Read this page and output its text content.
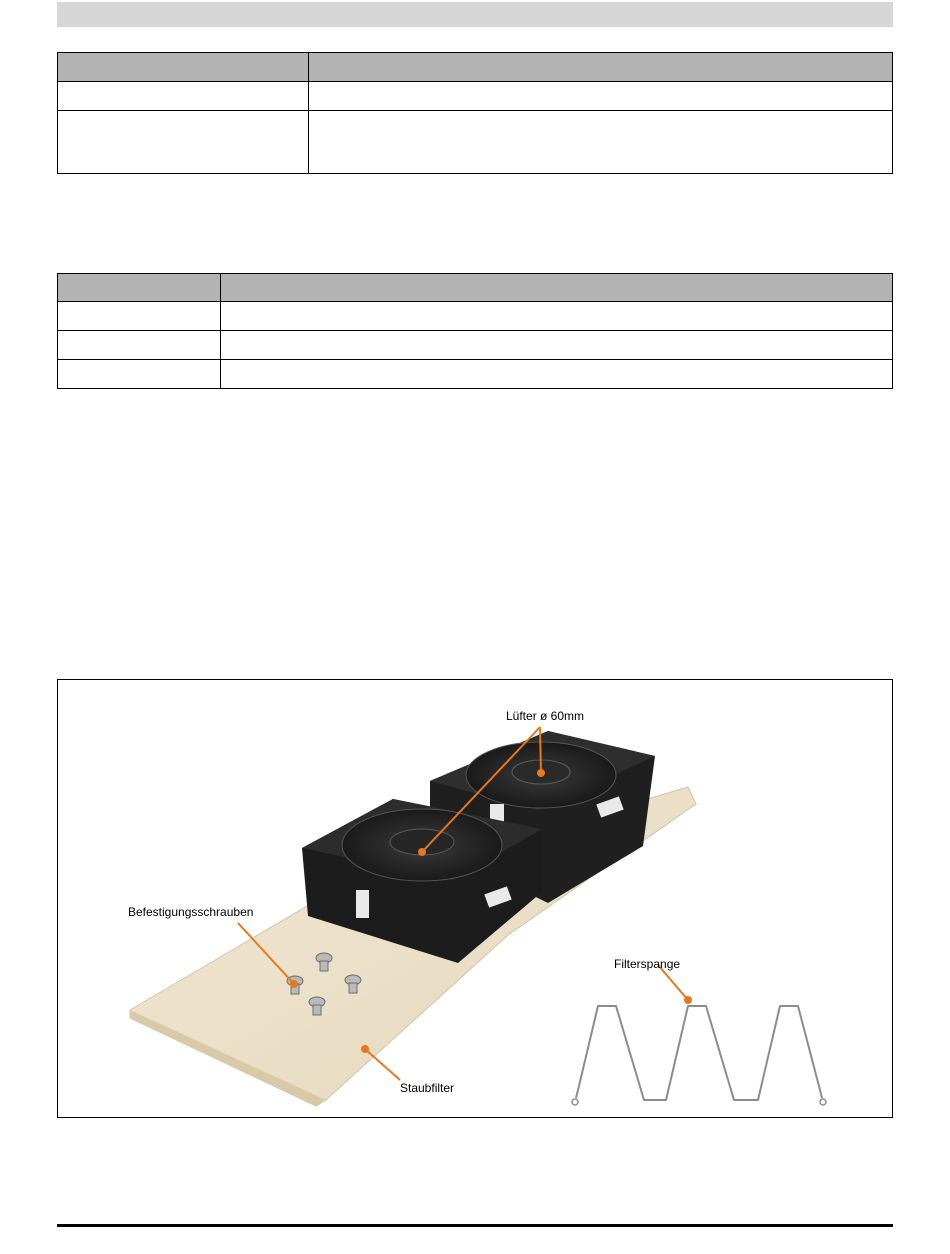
Lüfter ø 60mm
Befestigungsschrauben
Filterspange
Staubfilter
